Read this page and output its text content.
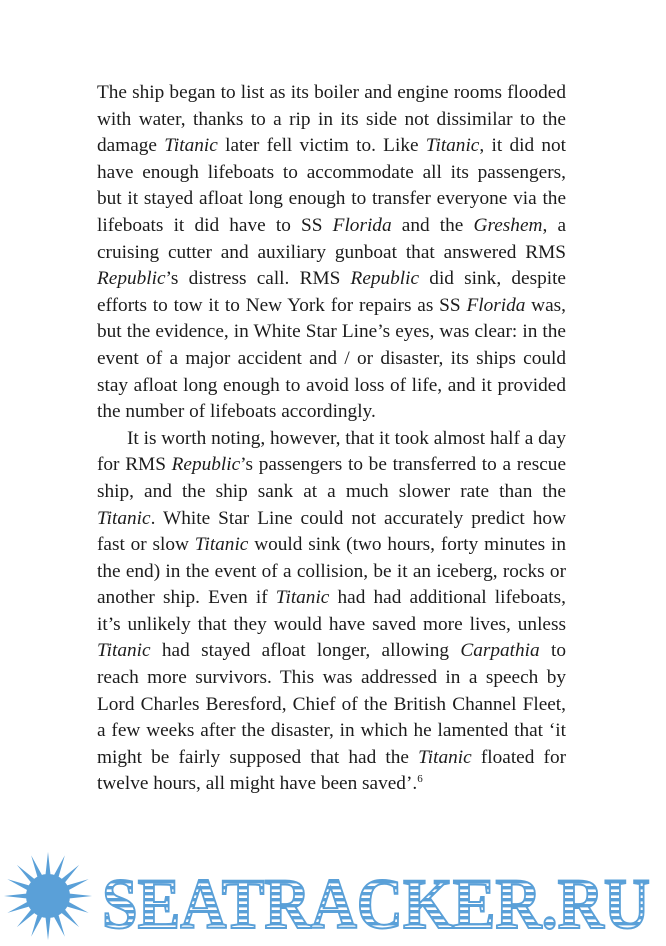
The ship began to list as its boiler and engine rooms flooded with water, thanks to a rip in its side not dissimilar to the damage Titanic later fell victim to. Like Titanic, it did not have enough lifeboats to accommodate all its passengers, but it stayed afloat long enough to transfer everyone via the lifeboats it did have to SS Florida and the Greshem, a cruising cutter and auxiliary gunboat that answered RMS Republic’s distress call. RMS Republic did sink, despite efforts to tow it to New York for repairs as SS Florida was, but the evidence, in White Star Line’s eyes, was clear: in the event of a major accident and / or disaster, its ships could stay afloat long enough to avoid loss of life, and it provided the number of lifeboats accordingly.

It is worth noting, however, that it took almost half a day for RMS Republic’s passengers to be transferred to a rescue ship, and the ship sank at a much slower rate than the Titanic. White Star Line could not accurately predict how fast or slow Titanic would sink (two hours, forty minutes in the end) in the event of a collision, be it an iceberg, rocks or another ship. Even if Titanic had had additional lifeboats, it’s unlikely that they would have saved more lives, unless Titanic had stayed afloat longer, allowing Carpathia to reach more survivors. This was addressed in a speech by Lord Charles Beresford, Chief of the British Channel Fleet, a few weeks after the disaster, in which he lamented that ‘it might be fairly supposed that had the Titanic floated for twelve hours, all might have been saved’.$^6$

SEATRACKER.RU
